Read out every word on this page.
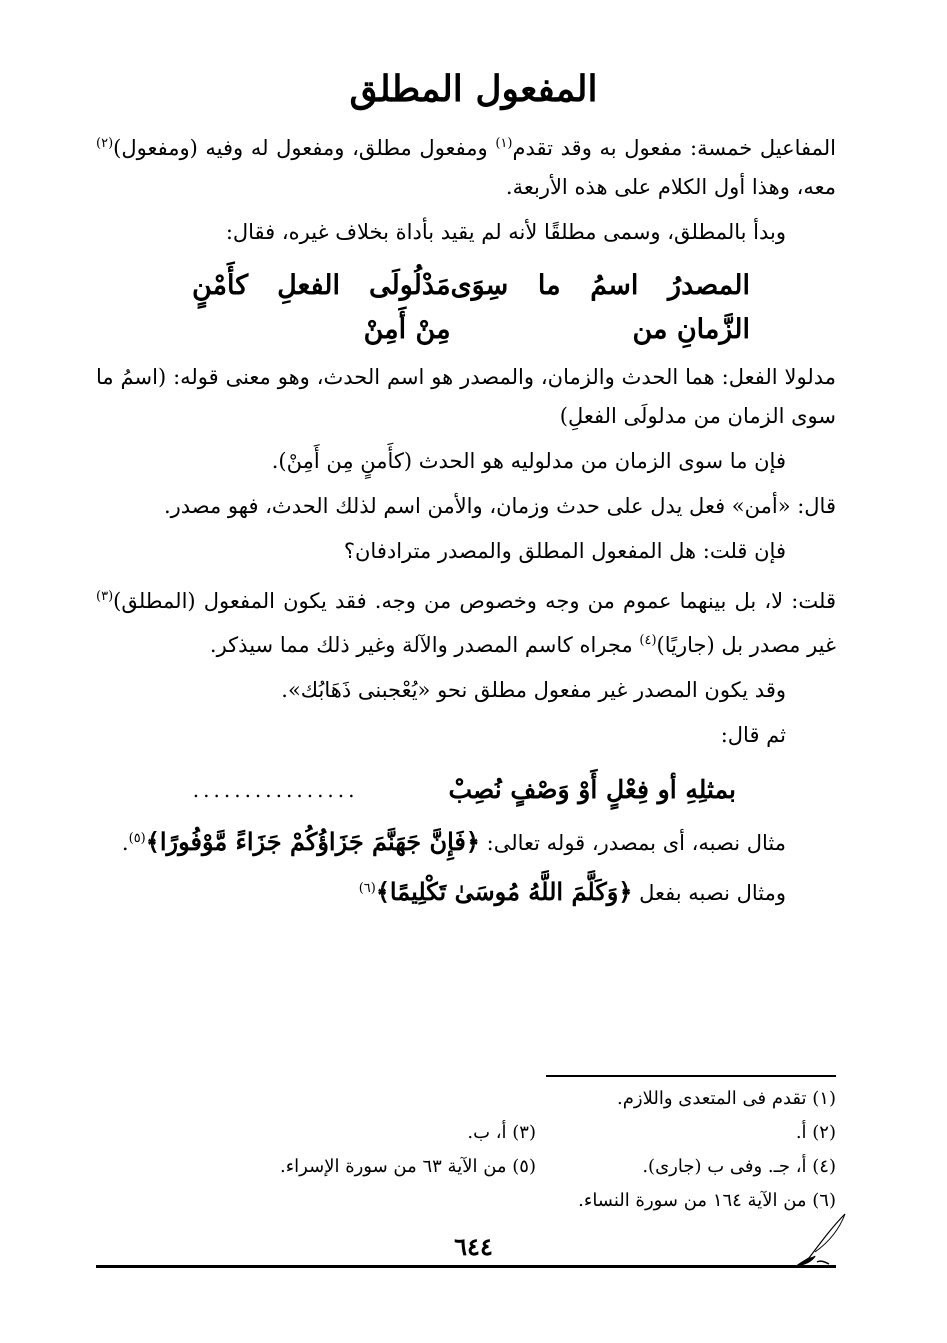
المفعول المطلق

المفاعيل خمسة: مفعول به وقد تقدم$^{(١)}$ ومفعول مطلق، ومفعول له وفيه (ومفعول)$^{(٢)}$ معه، وهذا أول الكلام على هذه الأربعة.

وبدأ بالمطلق، وسمى مطلقًا لأنه لم يقيد بأداة بخلاف غيره، فقال:

المصدرُ اسمُ ما سِوَى الزَّمانِ من
مَدْلُولَى الفعلِ كأَمْنٍ مِنْ أَمِنْ

مدلولا الفعل: هما الحدث والزمان، والمصدر هو اسم الحدث، وهو معنى قوله: (اسمُ ما سوى الزمان من مدلولَى الفعلِ)

فإن ما سوى الزمان من مدلوليه هو الحدث (كأَمنٍ مِن أَمِنْ).

قال: «أمن» فعل يدل على حدث وزمان، والأمن اسم لذلك الحدث، فهو مصدر.

فإن قلت: هل المفعول المطلق والمصدر مترادفان؟

قلت: لا، بل بينهما عموم من وجه وخصوص من وجه. فقد يكون المفعول (المطلق)$^{(٣)}$ غير مصدر بل (جاريًا)$^{(٤)}$ مجراه كاسم المصدر والآلة وغير ذلك مما سيذكر.

وقد يكون المصدر غير مفعول مطلق نحو «يُعْجبنى ذَهَابُك».

ثم قال:

بمثلِهِ أو فِعْلٍ أَوْ وَصْفٍ نُصِبْ
................

مثال نصبه، أى بمصدر، قوله تعالى: ﴿فَإِنَّ جَهَنَّمَ جَزَاؤُكُمْ جَزَاءً مَّوْفُورًا﴾$^{(٥)}$.

ومثال نصبه بفعل ﴿وَكَلَّمَ اللَّهُ مُوسَىٰ تَكْلِيمًا﴾$^{(٦)}$

(١) تقدم فى المتعدى واللازم.
(٢) أ.
(٣) أ، ب.
(٤) أ، جـ. وفى ب (جارى).
(٥) من الآية ٦٣ من سورة الإسراء.
(٦) من الآية ١٦٤ من سورة النساء.
٦٤٤
